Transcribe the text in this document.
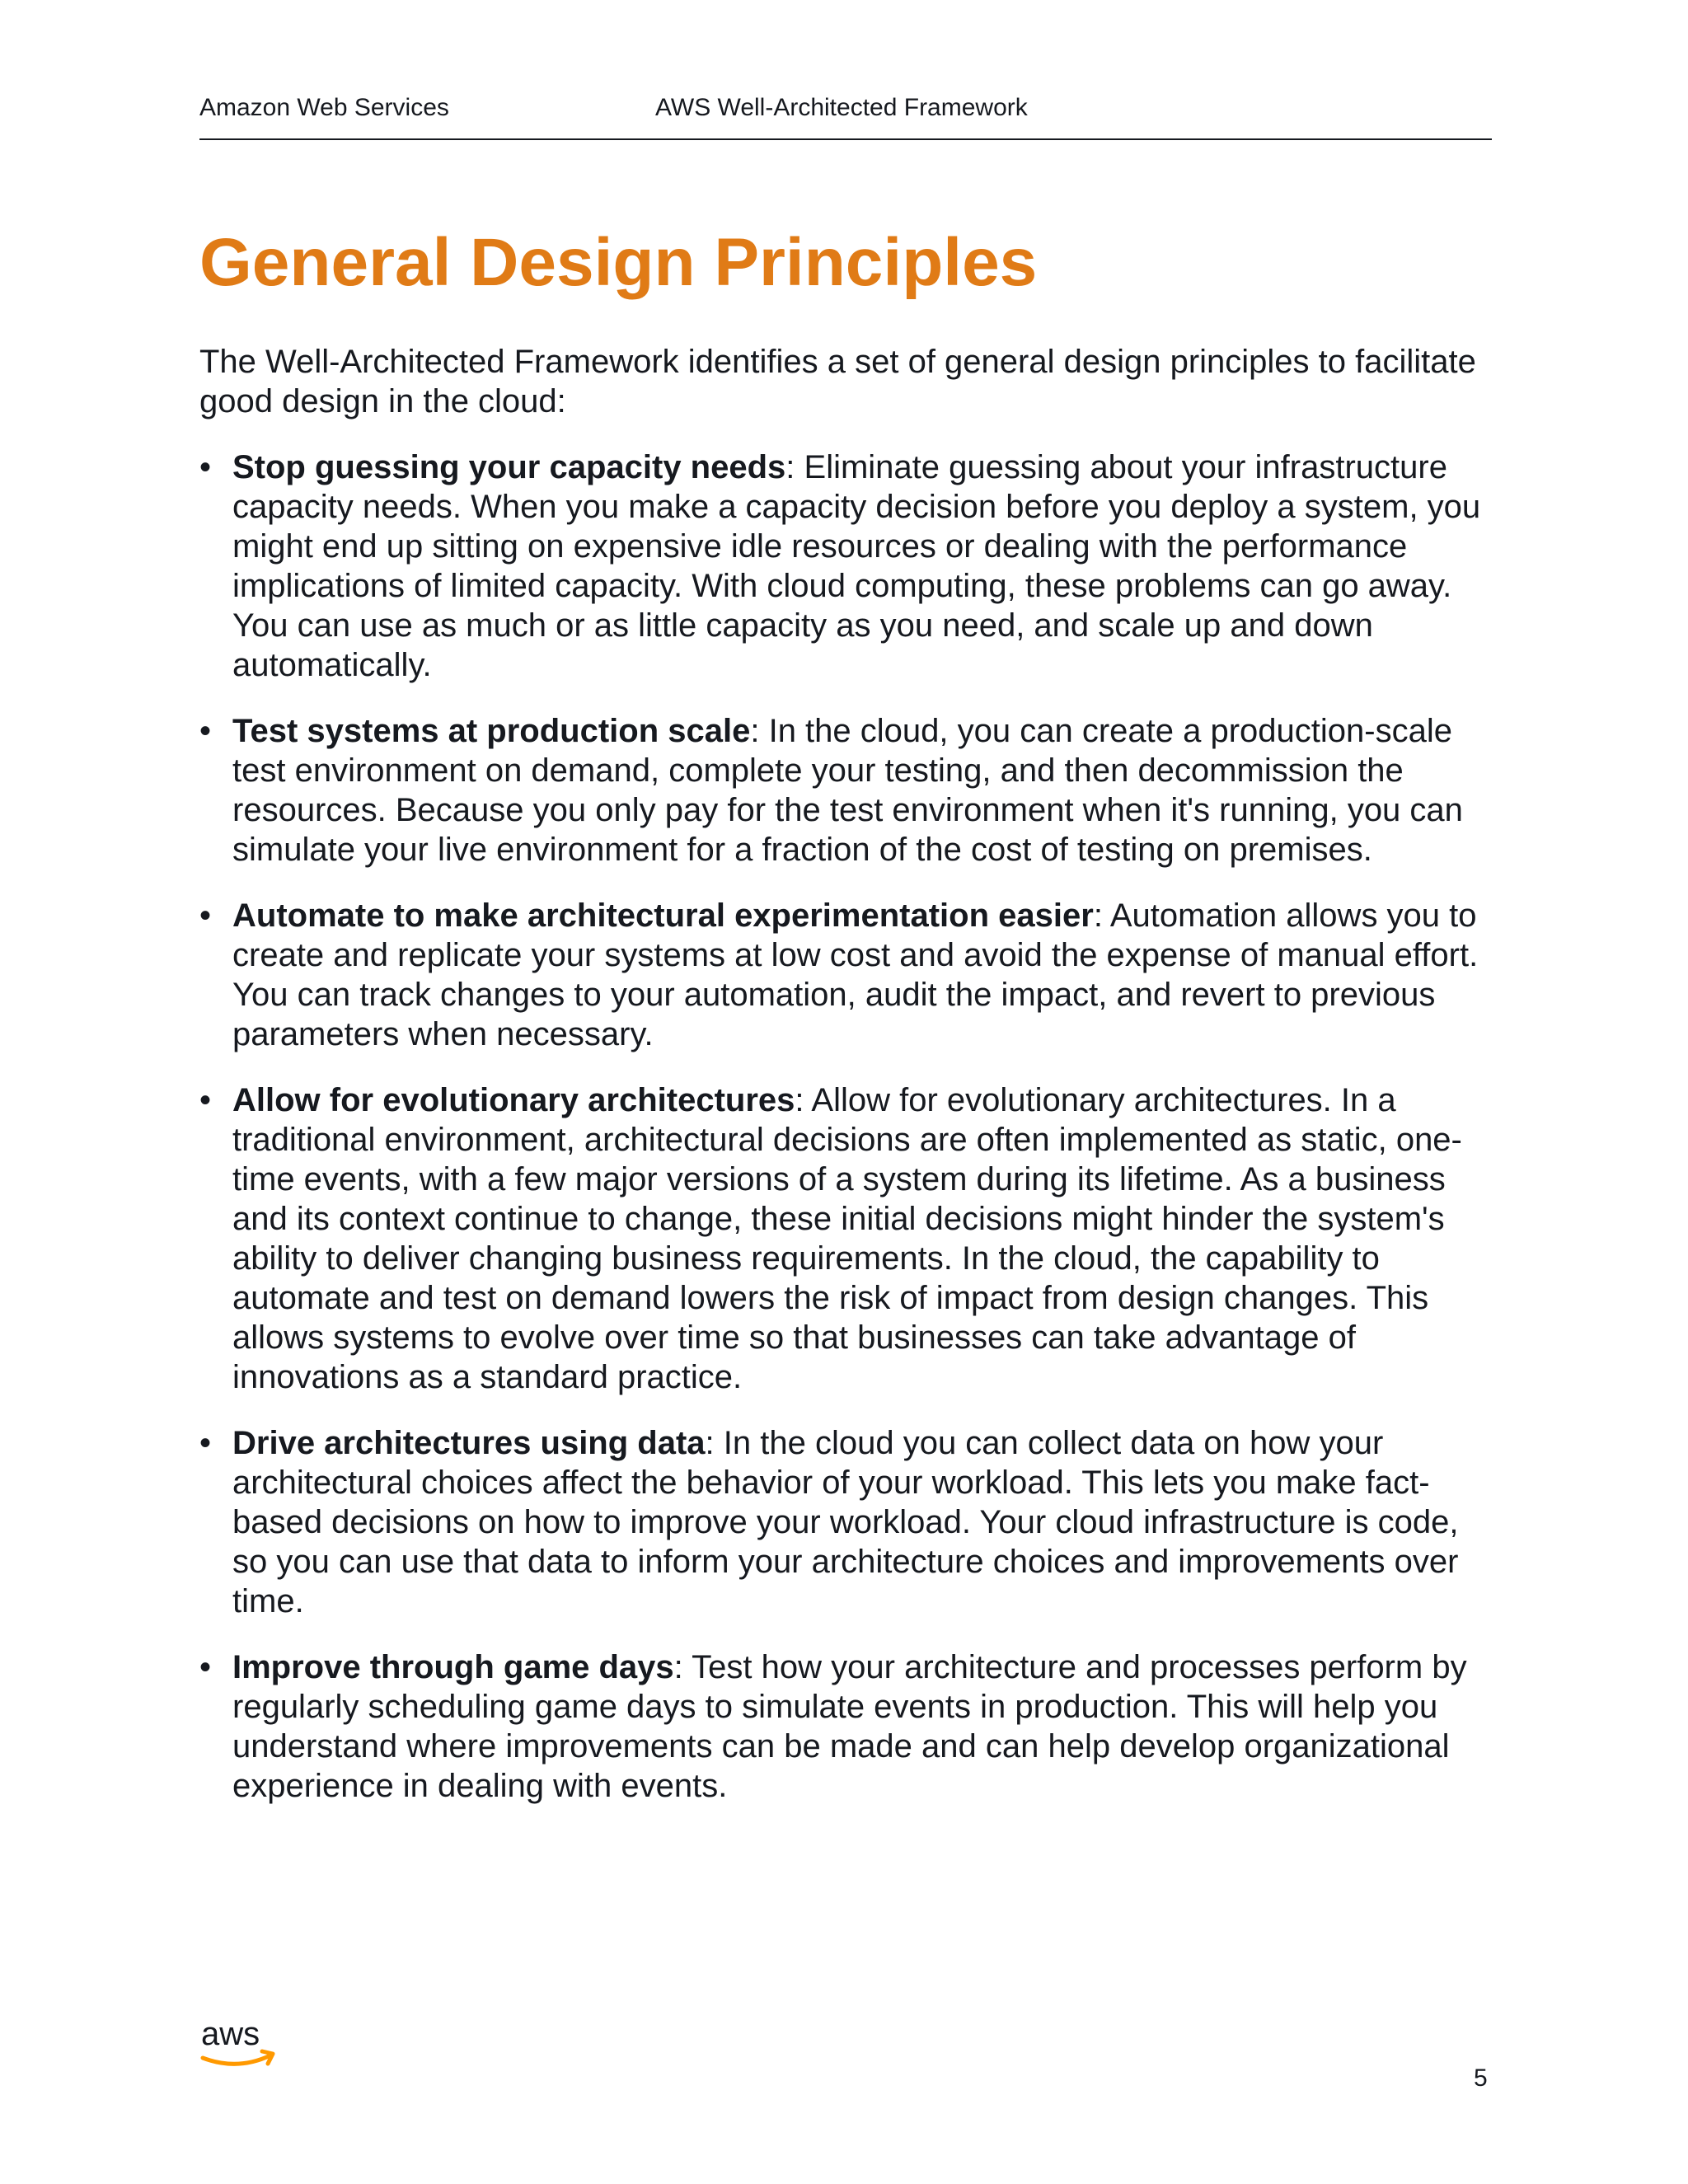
Amazon Web Services	AWS Well-Architected Framework
General Design Principles

The Well-Architected Framework identifies a set of general design principles to facilitate good design in the cloud:

• Stop guessing your capacity needs: Eliminate guessing about your infrastructure capacity needs. When you make a capacity decision before you deploy a system, you might end up sitting on expensive idle resources or dealing with the performance implications of limited capacity. With cloud computing, these problems can go away. You can use as much or as little capacity as you need, and scale up and down automatically.
• Test systems at production scale: In the cloud, you can create a production-scale test environment on demand, complete your testing, and then decommission the resources. Because you only pay for the test environment when it's running, you can simulate your live environment for a fraction of the cost of testing on premises.
• Automate to make architectural experimentation easier: Automation allows you to create and replicate your systems at low cost and avoid the expense of manual effort. You can track changes to your automation, audit the impact, and revert to previous parameters when necessary.
• Allow for evolutionary architectures: Allow for evolutionary architectures. In a traditional environment, architectural decisions are often implemented as static, one-time events, with a few major versions of a system during its lifetime. As a business and its context continue to change, these initial decisions might hinder the system's ability to deliver changing business requirements. In the cloud, the capability to automate and test on demand lowers the risk of impact from design changes. This allows systems to evolve over time so that businesses can take advantage of innovations as a standard practice.
• Drive architectures using data: In the cloud you can collect data on how your architectural choices affect the behavior of your workload. This lets you make fact-based decisions on how to improve your workload. Your cloud infrastructure is code, so you can use that data to inform your architecture choices and improvements over time.
• Improve through game days: Test how your architecture and processes perform by regularly scheduling game days to simulate events in production. This will help you understand where improvements can be made and can help develop organizational experience in dealing with events.
aws
5
